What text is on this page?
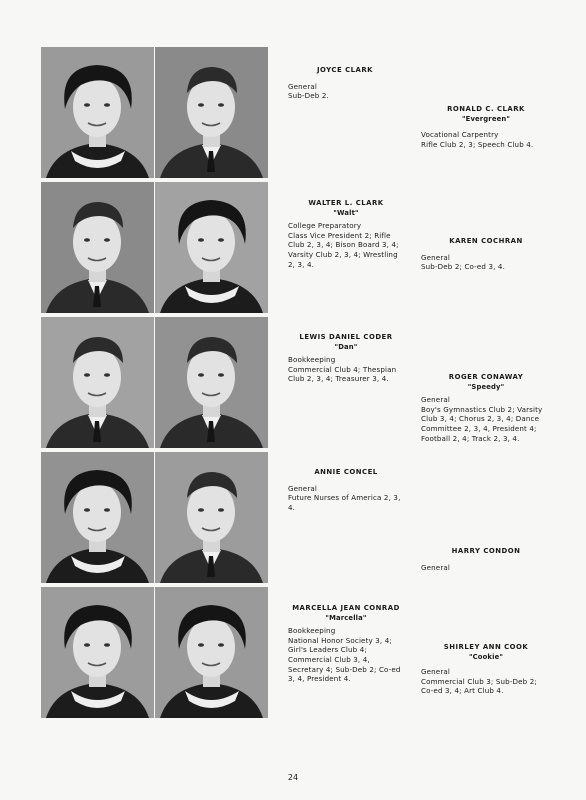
JOYCE CLARK
General
Sub-Deb 2.
RONALD C. CLARK
"Evergreen"
Vocational Carpentry
Rifle Club 2, 3; Speech Club 4.
WALTER L. CLARK
"Walt"
College Preparatory
Class Vice President 2; Rifle Club 2, 3, 4; Bison Board 3, 4; Varsity Club 2, 3, 4; Wrestling 2, 3, 4.
KAREN COCHRAN
General
Sub-Deb 2; Co-ed 3, 4.
LEWIS DANIEL CODER
"Dan"
Bookkeeping
Commercial Club 4; Thespian Club 2, 3, 4; Treasurer 3, 4.	ROGER CONAWAY
"Speedy"
General
Boy's Gymnastics Club 2; Varsity Club 3, 4; Chorus 2, 3, 4; Dance Committee 2, 3, 4, President 4; Football 2, 4; Track 2, 3, 4.
ANNIE CONCEL
General
Future Nurses of America 2, 3, 4.
HARRY CONDON
General
MARCELLA JEAN CONRAD
"Marcella"
Bookkeeping
National Honor Society 3, 4; Girl's Leaders Club 4; Commercial Club 3, 4, Secretary 4; Sub-Deb 2; Co-ed 3, 4, President 4.
SHIRLEY ANN COOK
"Cookie"
General
Commercial Club 3; Sub-Deb 2; Co-ed 3, 4; Art Club 4.
24
